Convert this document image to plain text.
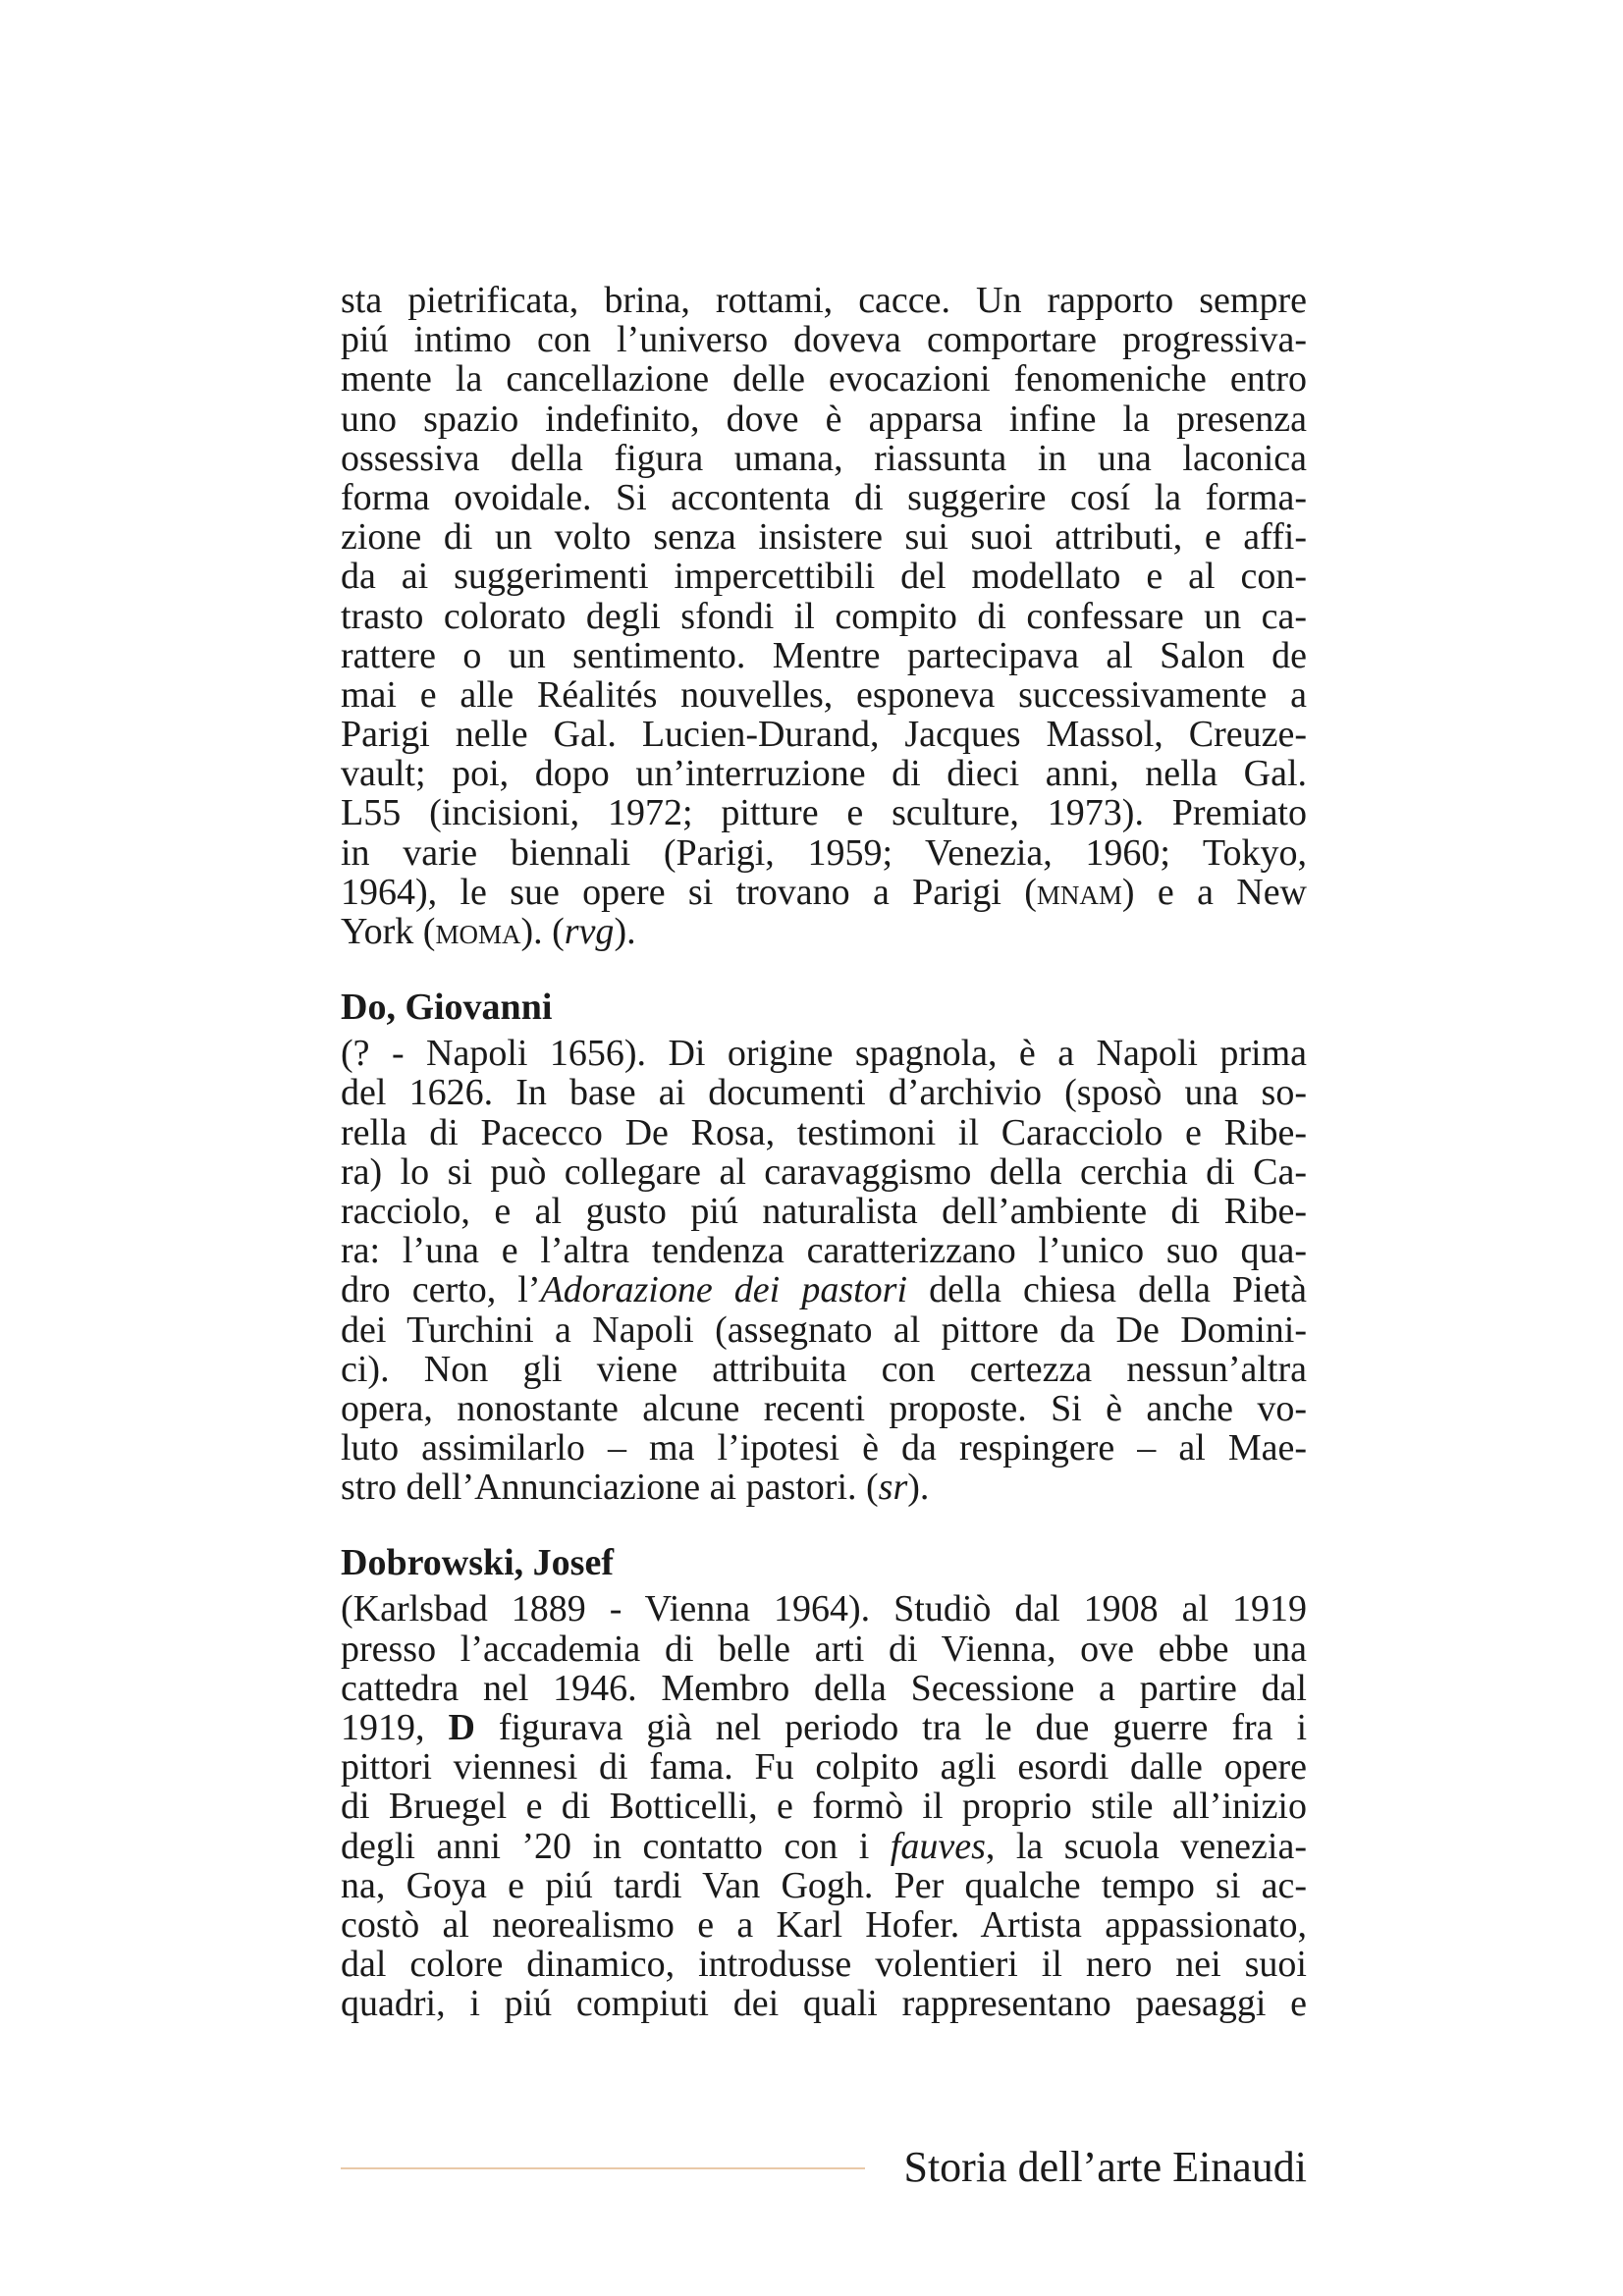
sta pietrificata, brina, rottami, cacce. Un rapporto sempre
piú intimo con l’universo doveva comportare progressiva-
mente la cancellazione delle evocazioni fenomeniche entro
uno spazio indefinito, dove è apparsa infine la presenza
ossessiva della figura umana, riassunta in una laconica
forma ovoidale. Si accontenta di suggerire cosí la forma-
zione di un volto senza insistere sui suoi attributi, e affi-
da ai suggerimenti impercettibili del modellato e al con-
trasto colorato degli sfondi il compito di confessare un ca-
rattere o un sentimento. Mentre partecipava al Salon de
mai e alle Réalités nouvelles, esponeva successivamente a
Parigi nelle Gal. Lucien-Durand, Jacques Massol, Creuze-
vault; poi, dopo un’interruzione di dieci anni, nella Gal.
L55 (incisioni, 1972; pitture e sculture, 1973). Premiato
in varie biennali (Parigi, 1959; Venezia, 1960; Tokyo,
1964), le sue opere si trovano a Parigi (mnam) e a New
York (moma). (rvg).
Do, Giovanni
(? - Napoli 1656). Di origine spagnola, è a Napoli prima
del 1626. In base ai documenti d’archivio (sposò una so-
rella di Pacecco De Rosa, testimoni il Caracciolo e Ribe-
ra) lo si può collegare al caravaggismo della cerchia di Ca-
racciolo, e al gusto piú naturalista dell’ambiente di Ribe-
ra: l’una e l’altra tendenza caratterizzano l’unico suo qua-
dro certo, l’Adorazione dei pastori della chiesa della Pietà
dei Turchini a Napoli (assegnato al pittore da De Domini-
ci). Non gli viene attribuita con certezza nessun’altra
opera, nonostante alcune recenti proposte. Si è anche vo-
luto assimilarlo – ma l’ipotesi è da respingere – al Mae-
stro dell’Annunciazione ai pastori. (sr).
Dobrowski, Josef
(Karlsbad 1889 - Vienna 1964). Studiò dal 1908 al 1919
presso l’accademia di belle arti di Vienna, ove ebbe una
cattedra nel 1946. Membro della Secessione a partire dal
1919, D figurava già nel periodo tra le due guerre fra i
pittori viennesi di fama. Fu colpito agli esordi dalle opere
di Bruegel e di Botticelli, e formò il proprio stile all’inizio
degli anni ’20 in contatto con i fauves, la scuola venezia-
na, Goya e piú tardi Van Gogh. Per qualche tempo si ac-
costò al neorealismo e a Karl Hofer. Artista appassionato,
dal colore dinamico, introdusse volentieri il nero nei suoi
quadri, i piú compiuti dei quali rappresentano paesaggi e
Storia dell’arte Einaudi
